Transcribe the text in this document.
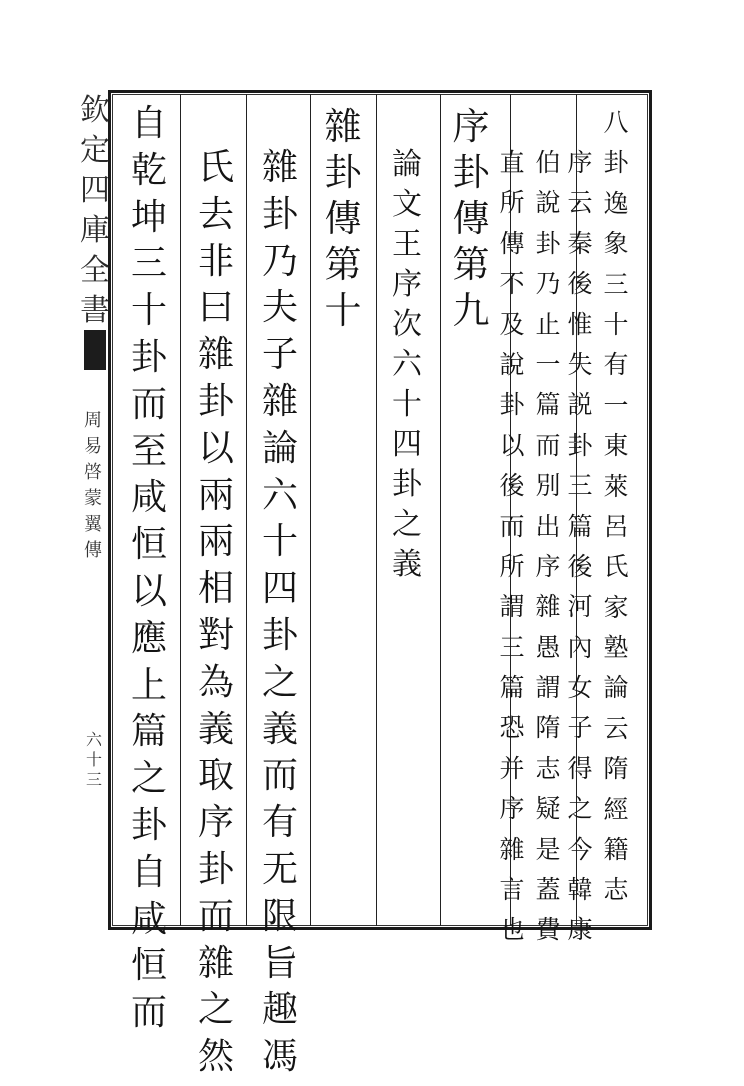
欽
定
四
庫
全
書
周
易
啓
蒙
翼
傳
六
十
三
八
卦
逸
象
三
十
有
一
東
萊
呂
氏
家
塾
論
云
隋
經
籍
志
序
云
秦
後
惟
失
説
卦
三
篇
後
河
內
女
子
得
之
今
韓
康
伯
說
卦
乃
止
一
篇
而
別
出
序
雜
愚
謂
隋
志
疑
是
蓋
費
直
所
傳
不
及
說
卦
以
後
而
所
謂
三
篇
恐
并
序
雜
言
也
序
卦
傳
第
九
論
文
王
序
次
六
十
四
卦
之
義
雜
卦
傳
第
十
雜
卦
乃
夫
子
雜
論
六
十
四
卦
之
義
而
有
无
限
旨
趣
馮
氏
去
非
曰
雜
卦
以
兩
兩
相
對
為
義
取
序
卦
而
雜
之
然
自
乾
坤
三
十
卦
而
至
咸
恒
以
應
上
篇
之
卦
自
咸
恒
而
